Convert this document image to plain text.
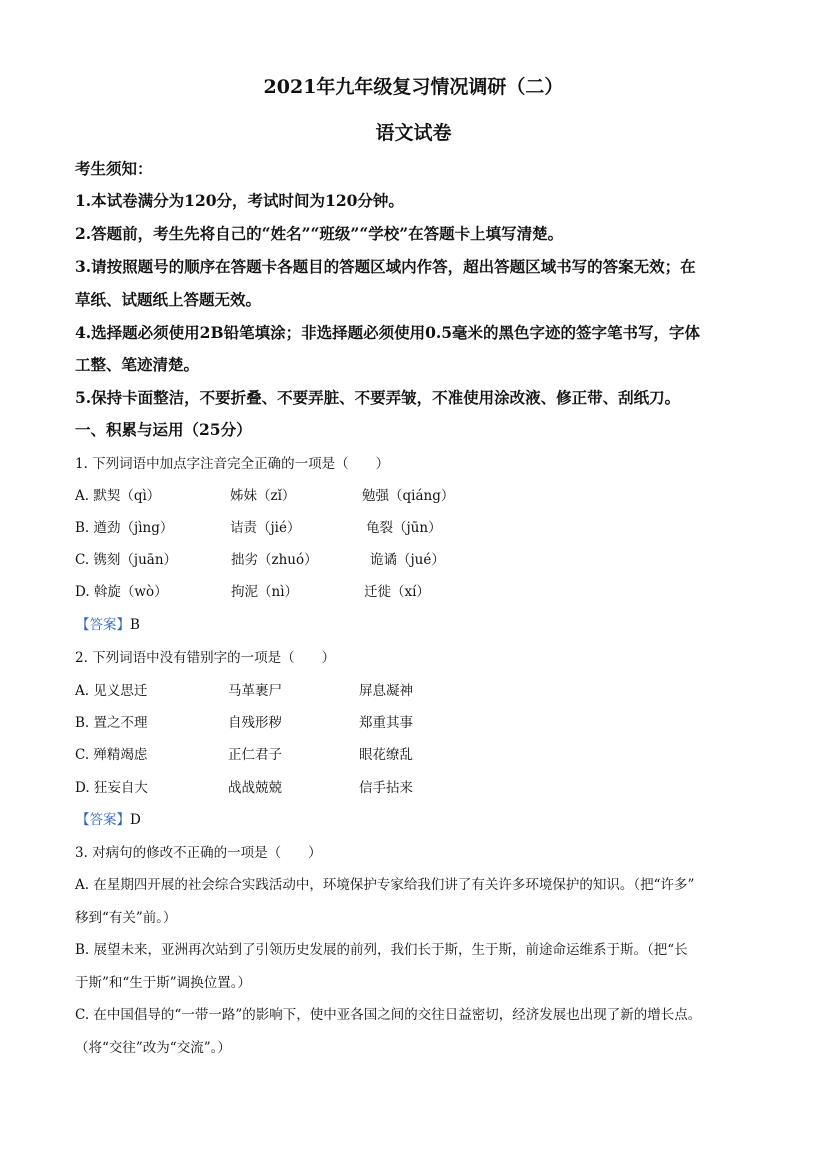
2021年九年级复习情况调研（二）
语文试卷
考生须知：
1.本试卷满分为120分，考试时间为120分钟。
2.答题前，考生先将自己的“姓名”“班级”“学校”在答题卡上填写清楚。
3.请按照题号的顺序在答题卡各题目的答题区域内作答，超出答题区域书写的答案无效；在
草纸、试题纸上答题无效。
4.选择题必须使用2B铅笔填涂；非选择题必须使用0.5毫米的黑色字迹的签字笔书写，字体
工整、笔迹清楚。
5.保持卡面整洁，不要折叠、不要弄脏、不要弄皱，不准使用涂改液、修正带、刮纸刀。
一、积累与运用（25分）
1. 下列词语中加点字注音完全正确的一项是（　　）
A. 默契（qì）	姊妹（zǐ）	勉强（qiáng）
B. 遒劲（jìng）	诘责（jié）	龟裂（jūn）
C. 镌刻（juān）	拙劣（zhuó）	诡谲（jué）
D. 斡旋（wò）	拘泥（nì）	迁徙（xí）
【答案】B
2. 下列词语中没有错别字的一项是（　　）
A. 见义思迁	马革裹尸	屏息凝神
B. 置之不理	自残形秽	郑重其事
C. 殚精竭虑	正仁君子	眼花缭乱
D. 狂妄自大	战战兢兢	信手拈来
【答案】D
3. 对病句的修改不正确的一项是（　　）
A. 在星期四开展的社会综合实践活动中，环境保护专家给我们讲了有关许多环境保护的知识。（把“许多”
移到“有关”前。）
B. 展望未来，亚洲再次站到了引领历史发展的前列，我们长于斯，生于斯，前途命运维系于斯。（把“长
于斯”和“生于斯”调换位置。）
C. 在中国倡导的“一带一路”的影响下，使中亚各国之间的交往日益密切，经济发展也出现了新的增长点。
（将“交往”改为“交流”。）
